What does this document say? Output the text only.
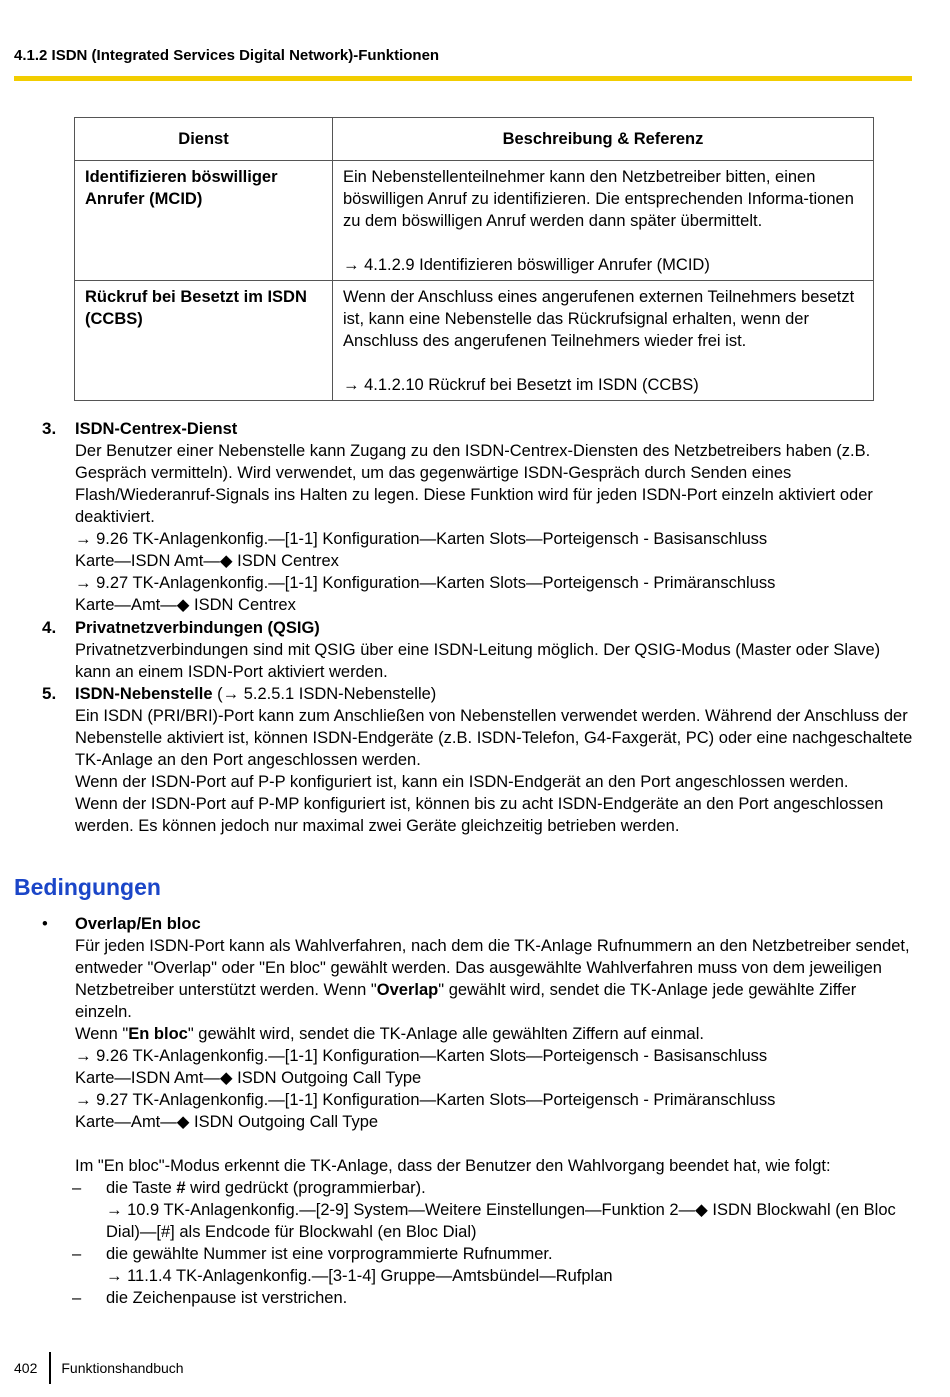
4.1.2 ISDN (Integrated Services Digital Network)-Funktionen
Dienst	Beschreibung & Referenz
Identifizieren böswilliger Anrufer (MCID)	Ein Nebenstellenteilnehmer kann den Netzbetreiber bitten, einen böswilligen Anruf zu identifizieren. Die entsprechenden Informa-tionen zu dem böswilligen Anruf werden dann später übermittelt.
→ 4.1.2.9 Identifizieren böswilliger Anrufer (MCID)

Rückruf bei Besetzt im ISDN (CCBS)	Wenn der Anschluss eines angerufenen externen Teilnehmers besetzt ist, kann eine Nebenstelle das Rückrufsignal erhalten, wenn der Anschluss des angerufenen Teilnehmers wieder frei ist.
→ 4.1.2.10 Rückruf bei Besetzt im ISDN (CCBS)
3. ISDN-Centrex-Dienst
Der Benutzer einer Nebenstelle kann Zugang zu den ISDN-Centrex-Diensten des Netzbetreibers haben (z.B. Gespräch vermitteln). Wird verwendet, um das gegenwärtige ISDN-Gespräch durch Senden eines Flash/Wiederanruf-Signals ins Halten zu legen. Diese Funktion wird für jeden ISDN-Port einzeln aktiviert oder deaktiviert.
→ 9.26 TK-Anlagenkonfig.—[1-1] Konfiguration—Karten Slots—Porteigensch - Basisanschluss
Karte—ISDN Amt—◆ ISDN Centrex
→ 9.27 TK-Anlagenkonfig.—[1-1] Konfiguration—Karten Slots—Porteigensch - Primäranschluss
Karte—Amt—◆ ISDN Centrex
4. Privatnetzverbindungen (QSIG)
Privatnetzverbindungen sind mit QSIG über eine ISDN-Leitung möglich. Der QSIG-Modus (Master oder Slave) kann an einem ISDN-Port aktiviert werden.
5. ISDN-Nebenstelle (→ 5.2.5.1 ISDN-Nebenstelle)
Ein ISDN (PRI/BRI)-Port kann zum Anschließen von Nebenstellen verwendet werden. Während der Anschluss der Nebenstelle aktiviert ist, können ISDN-Endgeräte (z.B. ISDN-Telefon, G4-Faxgerät, PC) oder eine nachgeschaltete TK-Anlage an den Port angeschlossen werden.
Wenn der ISDN-Port auf P-P konfiguriert ist, kann ein ISDN-Endgerät an den Port angeschlossen werden.
Wenn der ISDN-Port auf P-MP konfiguriert ist, können bis zu acht ISDN-Endgeräte an den Port angeschlossen werden. Es können jedoch nur maximal zwei Geräte gleichzeitig betrieben werden.
Bedingungen
• Overlap/En bloc
Für jeden ISDN-Port kann als Wahlverfahren, nach dem die TK-Anlage Rufnummern an den Netzbetreiber sendet, entweder "Overlap" oder "En bloc" gewählt werden. Das ausgewählte Wahlverfahren muss von dem jeweiligen Netzbetreiber unterstützt werden. Wenn "Overlap" gewählt wird, sendet die TK-Anlage jede gewählte Ziffer einzeln.
Wenn "En bloc" gewählt wird, sendet die TK-Anlage alle gewählten Ziffern auf einmal.
→ 9.26 TK-Anlagenkonfig.—[1-1] Konfiguration—Karten Slots—Porteigensch - Basisanschluss
Karte—ISDN Amt—◆ ISDN Outgoing Call Type
→ 9.27 TK-Anlagenkonfig.—[1-1] Konfiguration—Karten Slots—Porteigensch - Primäranschluss
Karte—Amt—◆ ISDN Outgoing Call Type
Im "En bloc"-Modus erkennt die TK-Anlage, dass der Benutzer den Wahlvorgang beendet hat, wie folgt:
– die Taste # wird gedrückt (programmierbar).
→ 10.9 TK-Anlagenkonfig.—[2-9] System—Weitere Einstellungen—Funktion 2—◆ ISDN Blockwahl (en Bloc Dial)—[#] als Endcode für Blockwahl (en Bloc Dial)
– die gewählte Nummer ist eine vorprogrammierte Rufnummer.
→ 11.1.4 TK-Anlagenkonfig.—[3-1-4] Gruppe—Amtsbündel—Rufplan
– die Zeichenpause ist verstrichen.
402 Funktionshandbuch
